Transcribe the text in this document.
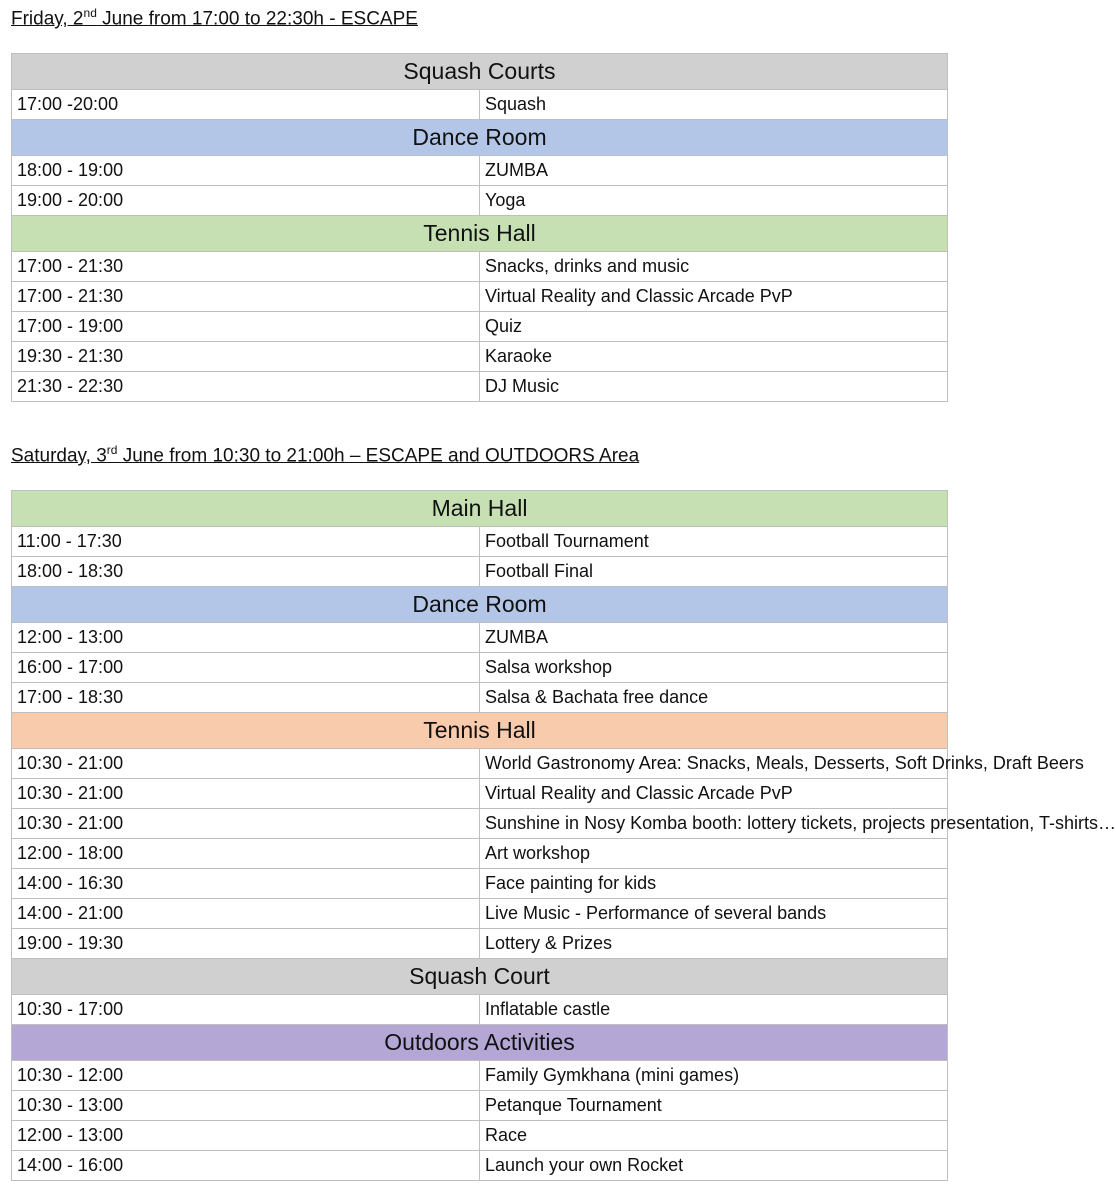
Friday, 2nd June from 17:00 to 22:30h - ESCAPE
Squash Courts	
17:00 -20:00	Squash
Dance Room	
18:00 - 19:00	ZUMBA
19:00 - 20:00	Yoga
Tennis Hall	
17:00 - 21:30	Snacks, drinks and music
17:00 - 21:30	Virtual Reality and Classic Arcade PvP
17:00 - 19:00	Quiz
19:30 - 21:30	Karaoke
21:30 - 22:30	DJ Music
Saturday, 3rd June from 10:30 to 21:00h – ESCAPE and OUTDOORS Area
Main Hall	
11:00 - 17:30	Football Tournament
18:00 - 18:30	Football Final
Dance Room	
12:00 - 13:00	ZUMBA
16:00 - 17:00	Salsa workshop
17:00 - 18:30	Salsa & Bachata free dance
Tennis Hall	
10:30 - 21:00	World Gastronomy Area: Snacks, Meals, Desserts, Soft Drinks, Draft Beers
10:30 - 21:00	Virtual Reality and Classic Arcade PvP
10:30 - 21:00	Sunshine in Nosy Komba booth: lottery tickets, projects presentation, T-shirts…
12:00 - 18:00	Art workshop
14:00 - 16:30	Face painting for kids
14:00 - 21:00	Live Music - Performance of several bands
19:00 - 19:30	Lottery & Prizes
Squash Court	
10:30 - 17:00	Inflatable castle
Outdoors Activities	
10:30 - 12:00	Family Gymkhana (mini games)
10:30 - 13:00	Petanque Tournament
12:00 - 13:00	Race
14:00 - 16:00	Launch your own Rocket
